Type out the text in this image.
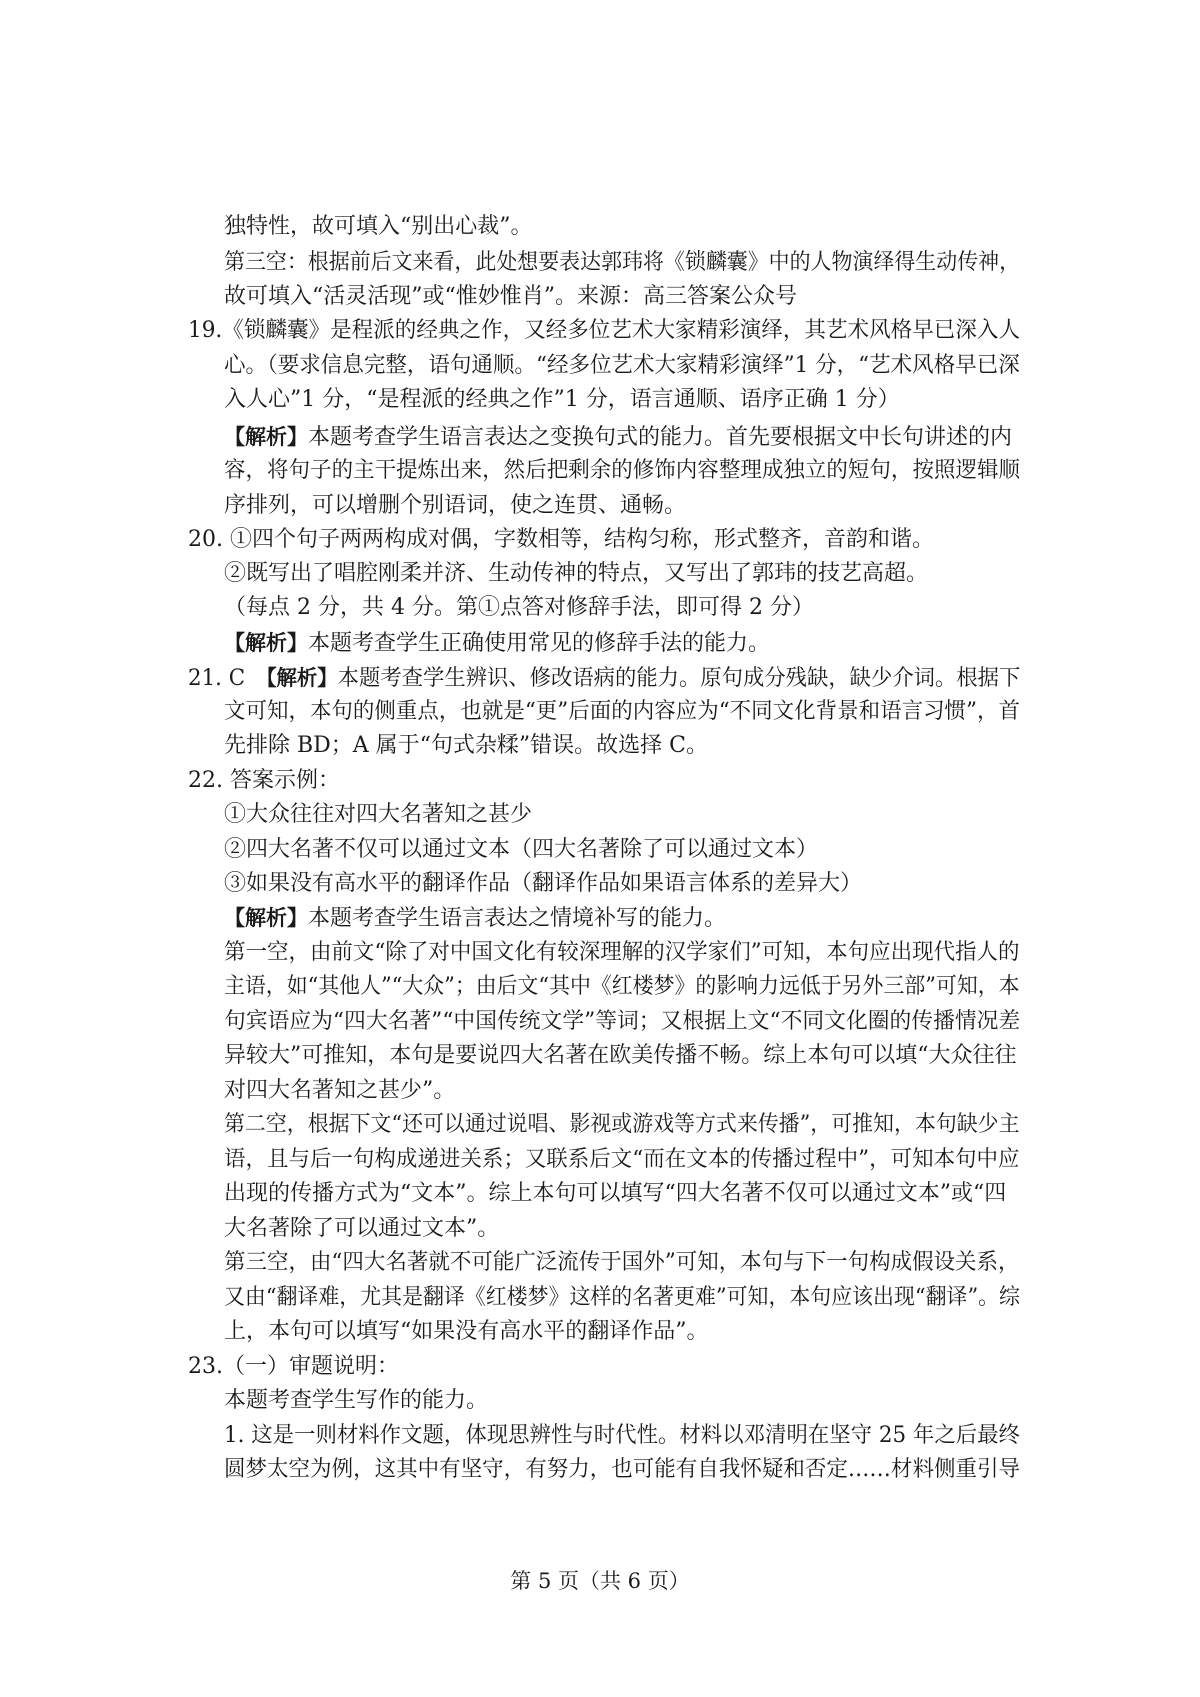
独特性，故可填入“别出心裁”。
第三空：根据前后文来看，此处想要表达郭玮将《锁麟囊》中的人物演绎得生动传神，
故可填入“活灵活现”或“惟妙惟肖”。来源：高三答案公众号
19.《锁麟囊》是程派的经典之作，又经多位艺术大家精彩演绎，其艺术风格早已深入人
心。（要求信息完整，语句通顺。“经多位艺术大家精彩演绎”1 分，“艺术风格早已深
入人心”1 分，“是程派的经典之作”1 分，语言通顺、语序正确 1 分）
【解析】本题考查学生语言表达之变换句式的能力。首先要根据文中长句讲述的内
容，将句子的主干提炼出来，然后把剩余的修饰内容整理成独立的短句，按照逻辑顺
序排列，可以增删个别语词，使之连贯、通畅。
20. ①四个句子两两构成对偶，字数相等，结构匀称，形式整齐，音韵和谐。
②既写出了唱腔刚柔并济、生动传神的特点，又写出了郭玮的技艺高超。
（每点 2 分，共 4 分。第①点答对修辞手法，即可得 2 分）
【解析】本题考查学生正确使用常见的修辞手法的能力。
21. C　【解析】本题考查学生辨识、修改语病的能力。原句成分残缺，缺少介词。根据下
文可知，本句的侧重点，也就是“更”后面的内容应为“不同文化背景和语言习惯”，首
先排除 BD；A 属于“句式杂糅”错误。故选择 C。
22. 答案示例：
①大众往往对四大名著知之甚少
②四大名著不仅可以通过文本（四大名著除了可以通过文本）
③如果没有高水平的翻译作品（翻译作品如果语言体系的差异大）
【解析】本题考查学生语言表达之情境补写的能力。
第一空，由前文“除了对中国文化有较深理解的汉学家们”可知，本句应出现代指人的
主语，如“其他人”“大众”；由后文“其中《红楼梦》的影响力远低于另外三部”可知，本
句宾语应为“四大名著”“中国传统文学”等词；又根据上文“不同文化圈的传播情况差
异较大”可推知，本句是要说四大名著在欧美传播不畅。综上本句可以填“大众往往
对四大名著知之甚少”。
第二空，根据下文“还可以通过说唱、影视或游戏等方式来传播”，可推知，本句缺少主
语，且与后一句构成递进关系；又联系后文“而在文本的传播过程中”，可知本句中应
出现的传播方式为“文本”。综上本句可以填写“四大名著不仅可以通过文本”或“四
大名著除了可以通过文本”。
第三空，由“四大名著就不可能广泛流传于国外”可知，本句与下一句构成假设关系，
又由“翻译难，尤其是翻译《红楼梦》这样的名著更难”可知，本句应该出现“翻译”。综
上，本句可以填写“如果没有高水平的翻译作品”。
23.（一）审题说明：
本题考查学生写作的能力。
1. 这是一则材料作文题，体现思辨性与时代性。材料以邓清明在坚守 25 年之后最终
圆梦太空为例，这其中有坚守，有努力，也可能有自我怀疑和否定……材料侧重引导
第 5 页（共 6 页）
